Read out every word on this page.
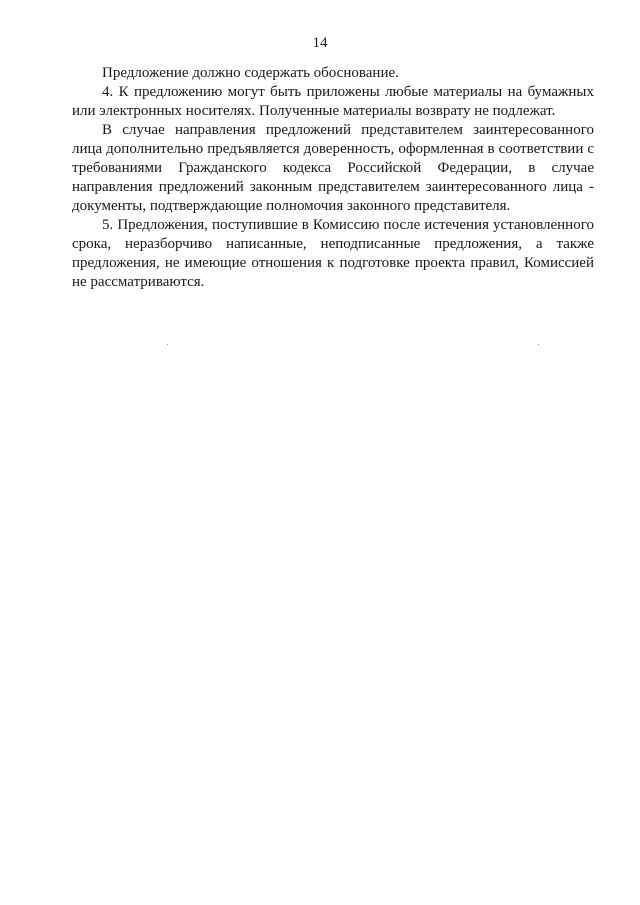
14

Предложение должно содержать обоснование.

4. К предложению могут быть приложены любые материалы на бумажных или электронных носителях. Полученные материалы возврату не подлежат.

В случае направления предложений представителем заинтересованного лица дополнительно предъявляется доверенность, оформленная в соответствии с требованиями Гражданского кодекса Российской Федерации, в случае направления предложений законным представителем заинтересованного лица - документы, подтверждающие полномочия законного представителя.

5. Предложения, поступившие в Комиссию после истечения установленного срока, неразборчиво написанные, неподписанные предложения, а также предложения, не имеющие отношения к подготовке проекта правил, Комиссией не рассматриваются.
